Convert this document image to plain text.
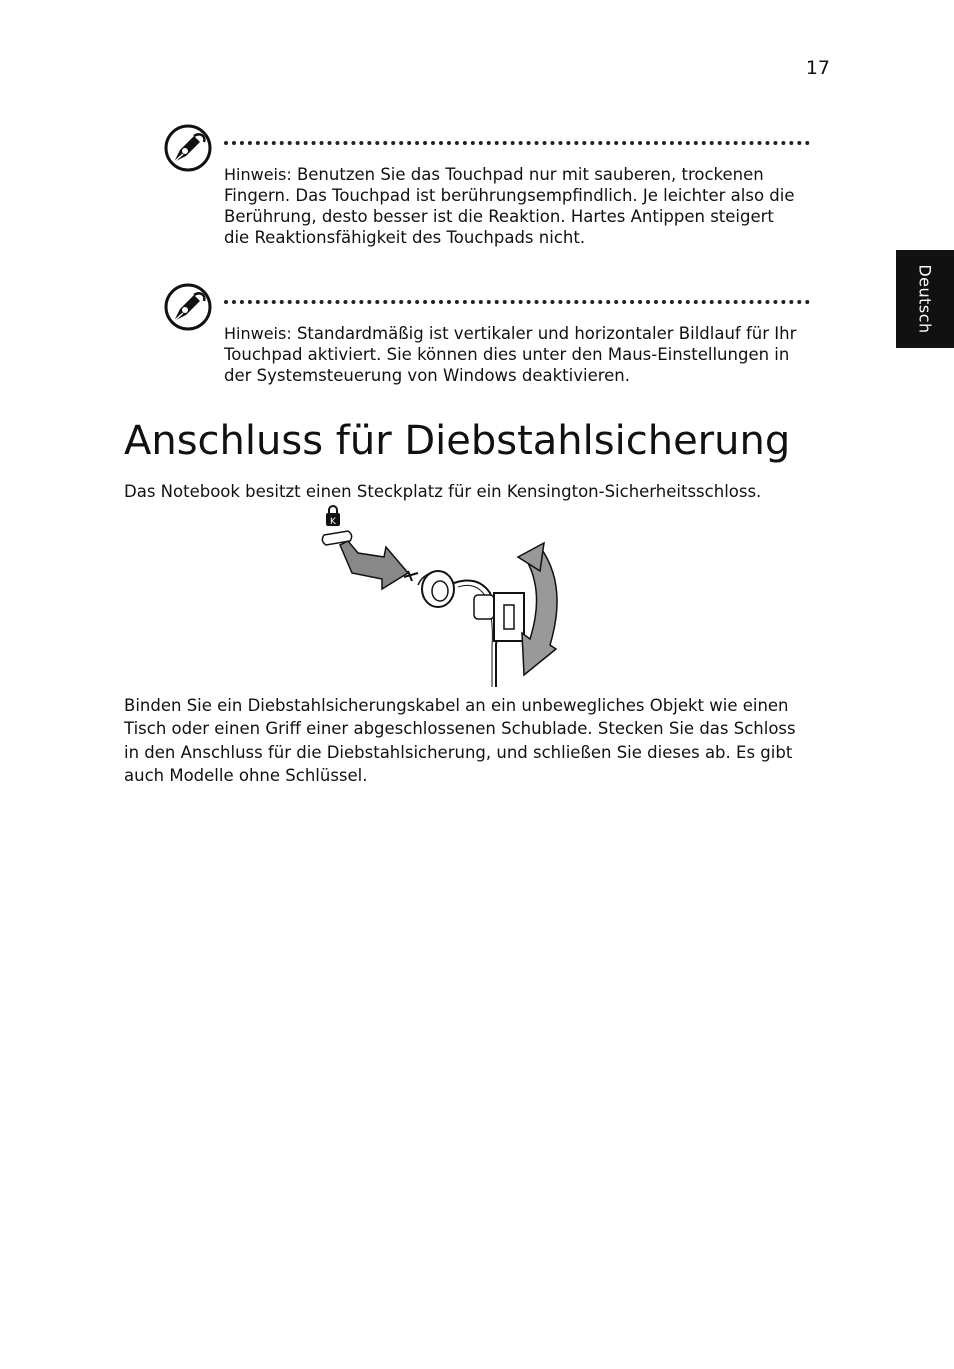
17
Deutsch
Hinweis: Benutzen Sie das Touchpad nur mit sauberen, trockenen Fingern. Das Touchpad ist berührungsempfindlich. Je leichter also die Berührung, desto besser ist die Reaktion. Hartes Antippen steigert die Reaktionsfähigkeit des Touchpads nicht.
Hinweis: Standardmäßig ist vertikaler und horizontaler Bildlauf für Ihr Touchpad aktiviert. Sie können dies unter den Maus-Einstellungen in der Systemsteuerung von Windows deaktivieren.
Anschluss für Diebstahlsicherung

Das Notebook besitzt einen Steckplatz für ein Kensington-Sicherheitsschloss.

K

Binden Sie ein Diebstahlsicherungskabel an ein unbewegliches Objekt wie einen Tisch oder einen Griff einer abgeschlossenen Schublade. Stecken Sie das Schloss in den Anschluss für die Diebstahlsicherung, und schließen Sie dieses ab. Es gibt auch Modelle ohne Schlüssel.
